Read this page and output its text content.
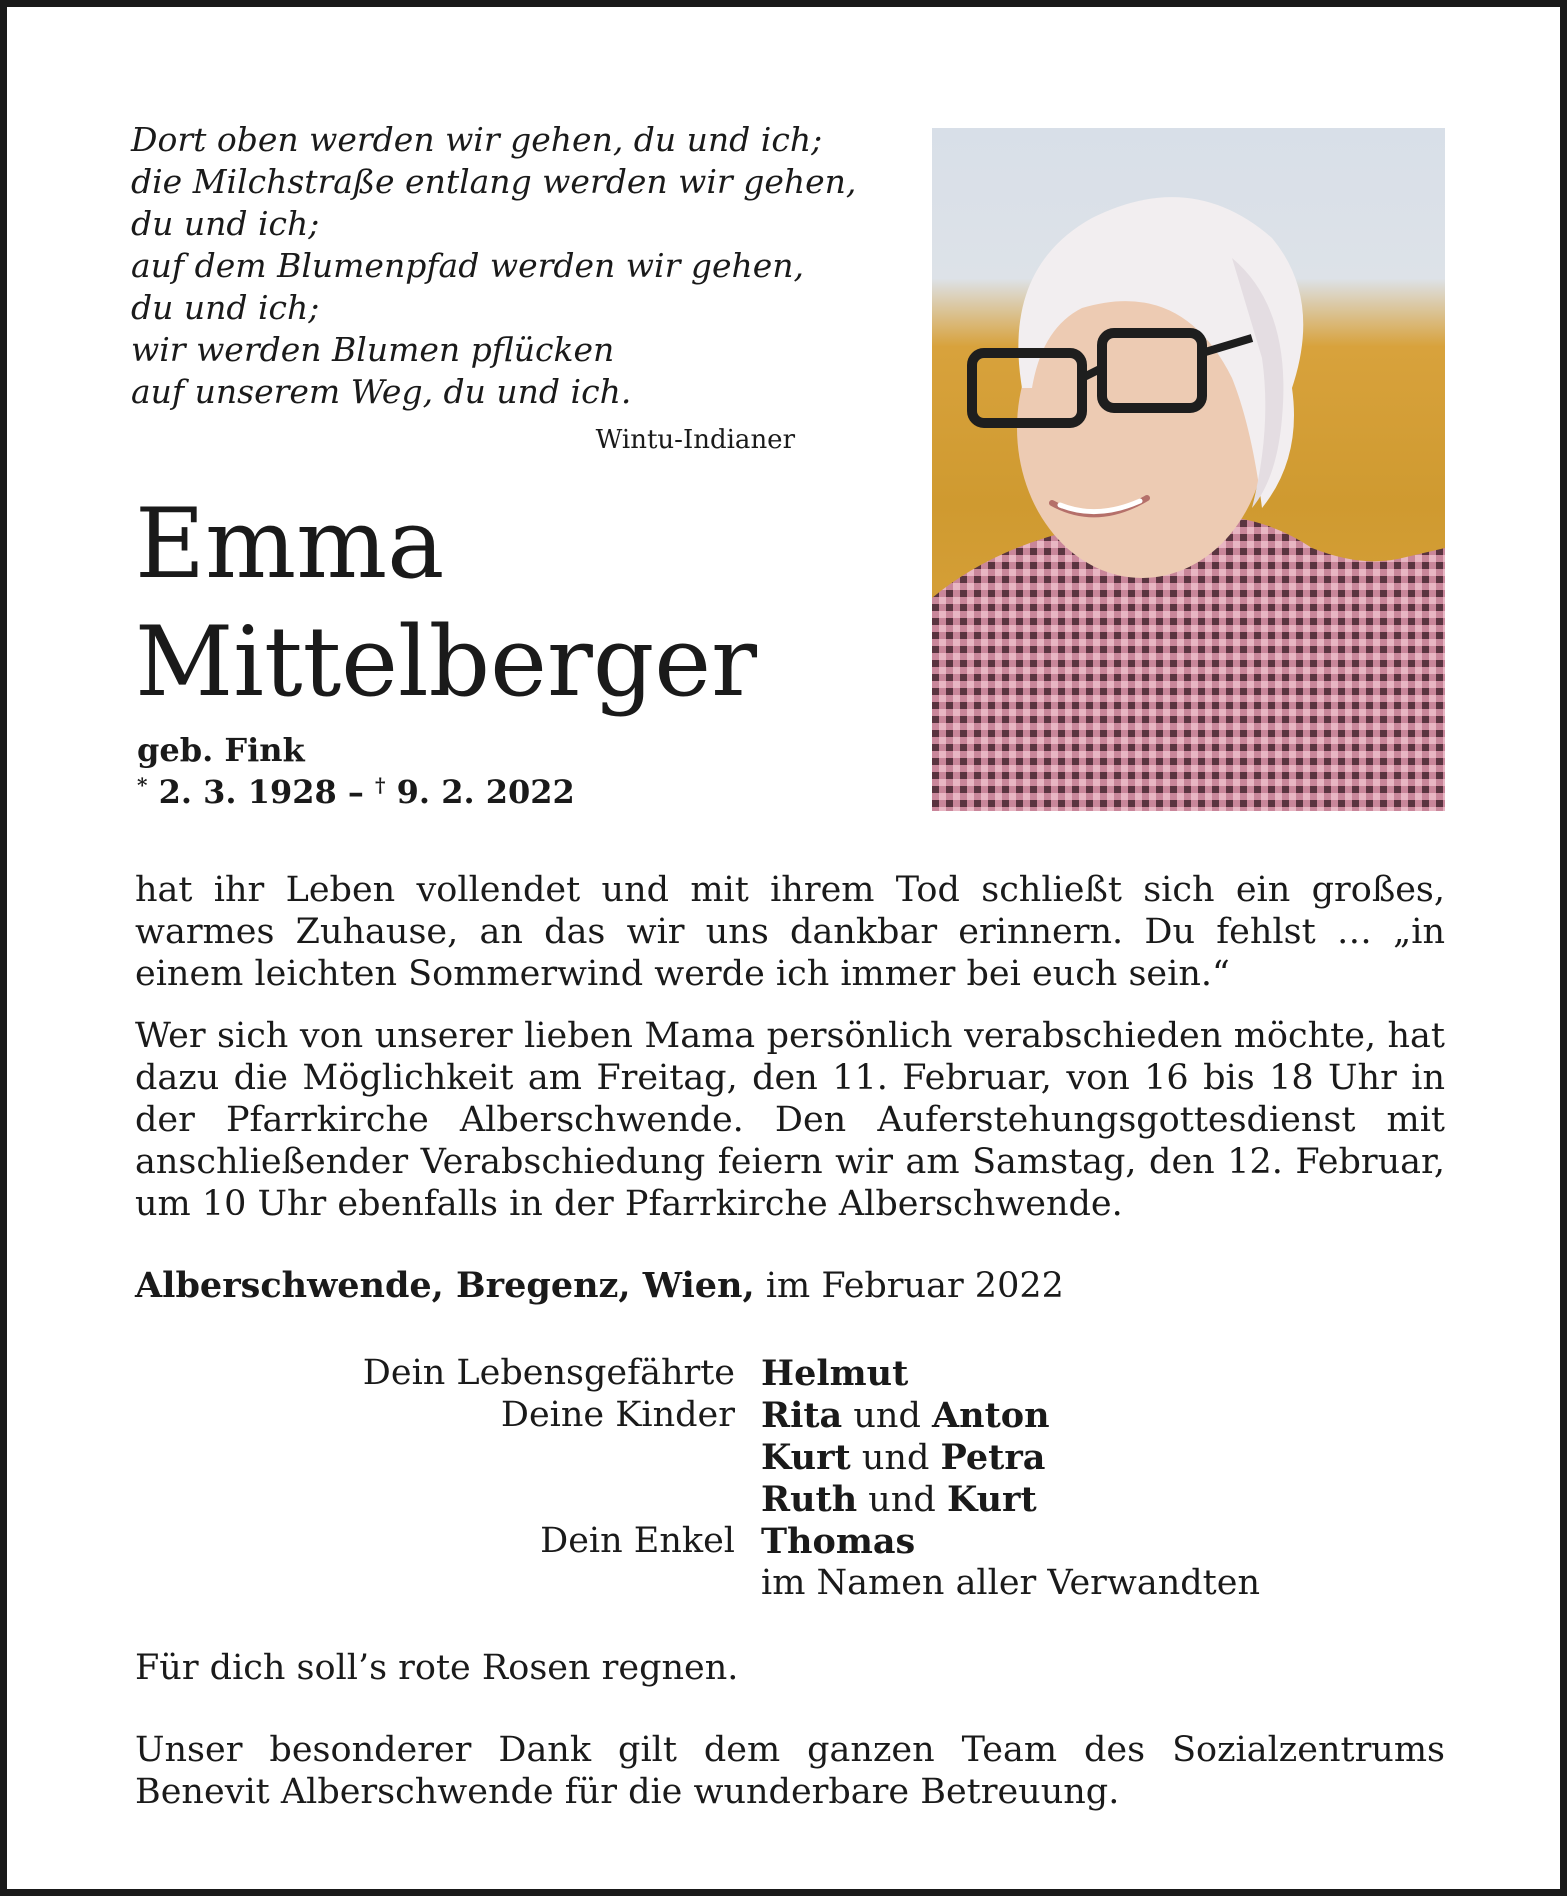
Dort oben werden wir gehen, du und ich;
die Milchstraße entlang werden wir gehen,
du und ich;
auf dem Blumenpfad werden wir gehen,
du und ich;
wir werden Blumen pflücken
auf unserem Weg, du und ich.
Wintu-Indianer
Emma
Mittelberger
geb. Fink
* 2. 3. 1928 – † 9. 2. 2022
hat ihr Leben vollendet und mit ihrem Tod schließt sich ein großes, warmes Zuhause, an das wir uns dankbar erinnern. Du fehlst … „in einem leichten Sommerwind werde ich immer bei euch sein.“
Wer sich von unserer lieben Mama persönlich verabschieden möchte, hat dazu die Möglichkeit am Freitag, den 11. Februar, von 16 bis 18 Uhr in der Pfarrkirche Alberschwende. Den Auferstehungsgottesdienst mit anschließender Verabschiedung feiern wir am Samstag, den 12. Februar, um 10 Uhr ebenfalls in der Pfarrkirche Alberschwende.
Alberschwende, Bregenz, Wien, im Februar 2022
Dein Lebensgefährte Helmut
Deine Kinder Rita und Anton
Kurt und Petra
Ruth und Kurt
Dein Enkel Thomas
im Namen aller Verwandten
Für dich soll’s rote Rosen regnen.
Unser besonderer Dank gilt dem ganzen Team des Sozialzentrums Benevit Alberschwende für die wunderbare Betreuung.
